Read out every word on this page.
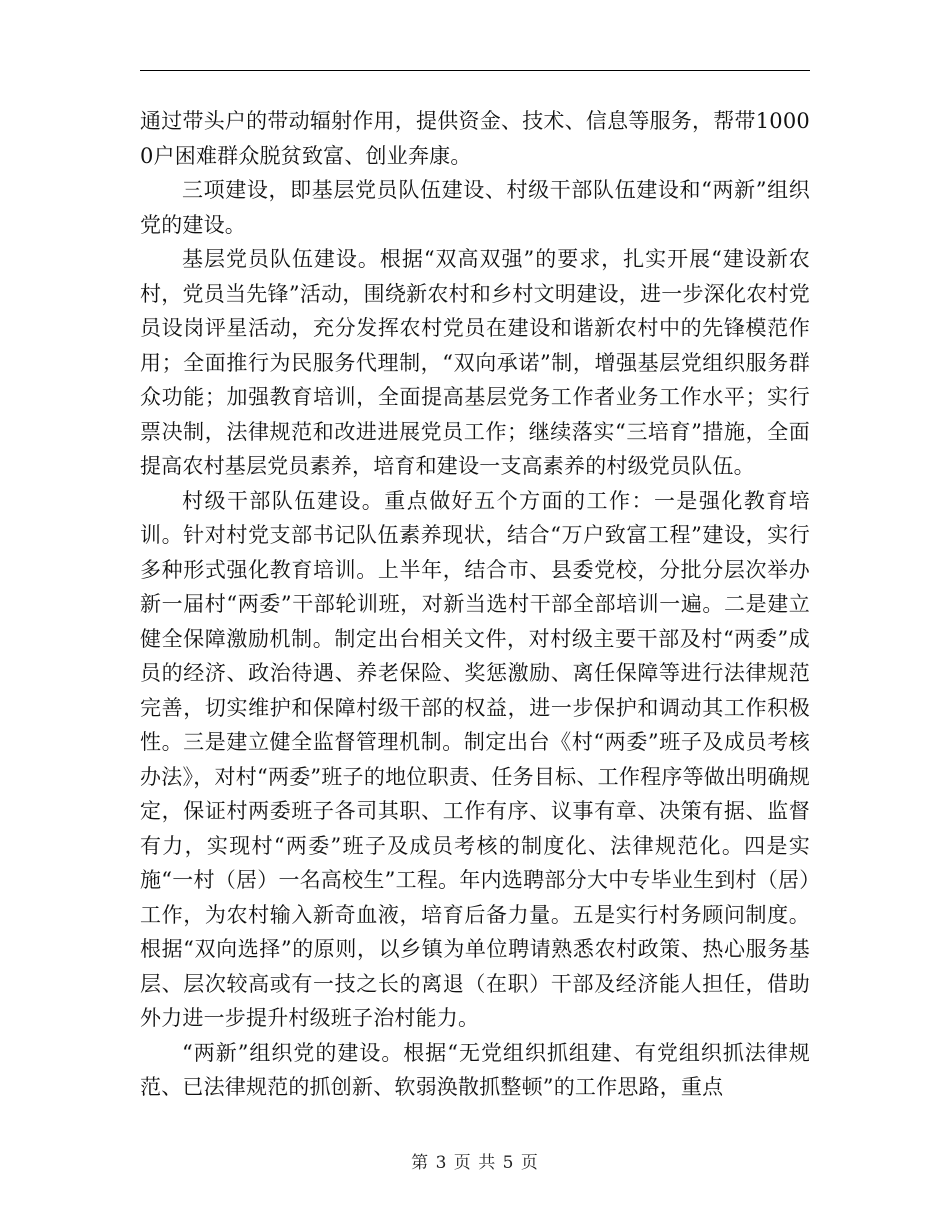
通过带头户的带动辐射作用，提供资金、技术、信息等服务，帮带10000户困难群众脱贫致富、创业奔康。

三项建设，即基层党员队伍建设、村级干部队伍建设和“两新”组织党的建设。

基层党员队伍建设。根据“双高双强”的要求，扎实开展“建设新农村，党员当先锋”活动，围绕新农村和乡村文明建设，进一步深化农村党员设岗评星活动，充分发挥农村党员在建设和谐新农村中的先锋模范作用；全面推行为民服务代理制，“双向承诺”制，增强基层党组织服务群众功能；加强教育培训，全面提高基层党务工作者业务工作水平；实行票决制，法律规范和改进进展党员工作；继续落实“三培育”措施，全面提高农村基层党员素养，培育和建设一支高素养的村级党员队伍。

村级干部队伍建设。重点做好五个方面的工作：一是强化教育培训。针对村党支部书记队伍素养现状，结合“万户致富工程”建设，实行多种形式强化教育培训。上半年，结合市、县委党校，分批分层次举办新一届村“两委”干部轮训班，对新当选村干部全部培训一遍。二是建立健全保障激励机制。制定出台相关文件，对村级主要干部及村“两委”成员的经济、政治待遇、养老保险、奖惩激励、离任保障等进行法律规范完善，切实维护和保障村级干部的权益，进一步保护和调动其工作积极性。三是建立健全监督管理机制。制定出台《村“两委”班子及成员考核办法》，对村“两委”班子的地位职责、任务目标、工作程序等做出明确规定，保证村两委班子各司其职、工作有序、议事有章、决策有据、监督有力，实现村“两委”班子及成员考核的制度化、法律规范化。四是实施“一村（居）一名高校生”工程。年内选聘部分大中专毕业生到村（居）工作，为农村输入新奇血液，培育后备力量。五是实行村务顾问制度。根据“双向选择”的原则，以乡镇为单位聘请熟悉农村政策、热心服务基层、层次较高或有一技之长的离退（在职）干部及经济能人担任，借助外力进一步提升村级班子治村能力。

“两新”组织党的建设。根据“无党组织抓组建、有党组织抓法律规范、已法律规范的抓创新、软弱涣散抓整顿”的工作思路，重点

第 3 页 共 5 页
